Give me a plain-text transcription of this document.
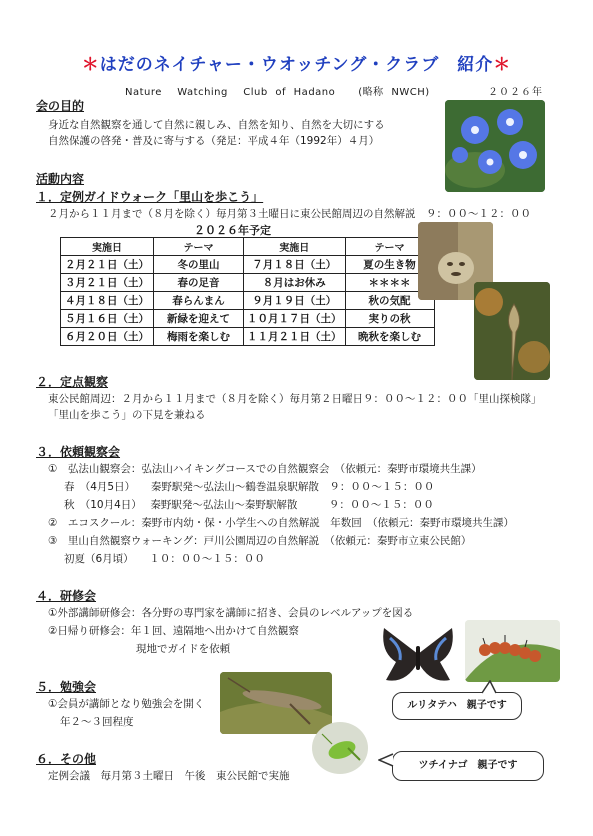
＊はだのネイチャー・ウオッチング・クラブ　紹介＊
Nature  Watching  Club of Hadano   (略称 NWCH)	２０２６年
会の目的
身近な自然観察を通して自然に親しみ、自然を知り、自然を大切にする
自然保護の啓発・普及に寄与する（発足：平成４年（1992年）４月）
活動内容
１．定例ガイドウォーク「里山を歩こう」
２月から１１月まで（８月を除く）毎月第３土曜日に東公民館周辺の自然解説　９：００～１２：００
２０２６年予定
実施日	テーマ	実施日	テーマ
２月２１日（土）	冬の里山	７月１８日（土）	夏の生き物
３月２１日（土）	春の足音	８月はお休み	＊＊＊＊
４月１８日（土）	春らんまん	９月１９日（土）	秋の気配
５月１６日（土）	新緑を迎えて	１０月１７日（土）	実りの秋
６月２０日（土）	梅雨を楽しむ	１１月２１日（土）	晩秋を楽しむ
２．定点観察
東公民館周辺：２月から１１月まで（８月を除く）毎月第２日曜日９：００～１２：００「里山探検隊」
「里山を歩こう」の下見を兼ねる
３．依頼観察会
①　弘法山観察会：弘法山ハイキングコースでの自然観察会　（依頼元：秦野市環境共生課）
春　（4月5日）　　秦野駅発～弘法山～鶴巻温泉駅解散　９：００～１５：００
秋　（10月4日）　 秦野駅発～弘法山～秦野駅解散　　　９：００～１５：００
②　エコスクール：秦野市内幼・保・小学生への自然解説　年数回　（依頼元：秦野市環境共生課）
③　里山自然観察ウォーキング：戸川公園周辺の自然解説　（依頼元：秦野市立東公民館）
初夏（6月頃）　　１０：００～１５：００
４．研修会
①外部講師研修会：各分野の専門家を講師に招き、会員のレベルアップを図る
②日帰り研修会：年１回、遠隔地へ出かけて自然観察
現地でガイドを依頼
５．勉強会
①会員が講師となり勉強会を開く
年２～３回程度
６．その他
定例会議　毎月第３土曜日　午後　東公民館で実施
ルリタテハ　親子です
ツチイナゴ　親子です
